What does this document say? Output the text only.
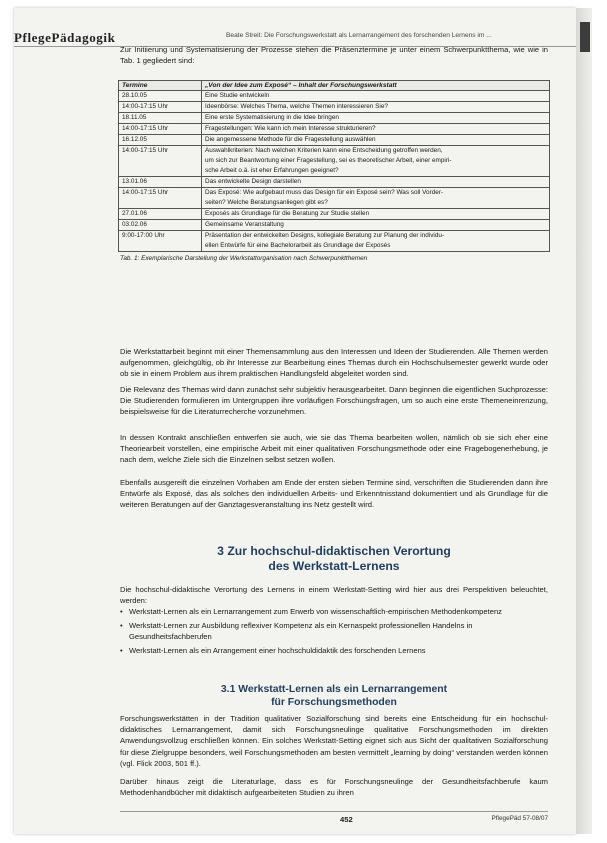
PflegePädagogik	Beate Streit: Die Forschungswerkstatt als Lernarrangement des forschenden Lernens im ...

Zur Initiierung und Systematisierung der Prozesse stehen die Präsenztermine je unter einem Schwerpunktthema, wie wie in Tab. 1 gegliedert sind:

Termine	„Von der Idee zum Exposé“ – Inhalt der Forschungswerkstatt
28.10.05	Eine Studie entwickeln

14:00-17:15 Uhr	Ideenbörse: Welches Thema, welche Themen interessieren Sie?

18.11.05	Eine erste Systematisierung in die Idee bringen

14:00-17:15 Uhr	Fragestellungen: Wie kann ich mein Interesse strukturieren?

16.12.05	Die angemessene Methode für die Fragestellung auswählen

14:00-17:15 Uhr	Auswahlkriterien: Nach welchen Kriterien kann eine Entscheidung getroffen werden,
um sich zur Beantwortung einer Fragestellung, sei es theoretischer Arbeit, einer empiri-
sche Arbeit o.ä. ist eher Erfahrungen geeignet?

13.01.06	Das entwickelte Design darstellen

14:00-17:15 Uhr	Das Exposé: Wie aufgebaut muss das Design für ein Exposé sein? Was soll Vorder-
seiten? Welche Beratungsanliegen gibt es?

27.01.06	Exposés als Grundlage für die Beratung zur Studie stellen

03.02.06	Gemeinsame Veranstaltung

9:00-17:00 Uhr	Präsentation der entwickelten Designs, kollegiale Beratung zur Planung der individu-
ellen Entwürfe für eine Bachelorarbeit als Grundlage der Exposés
Tab. 1: Exemplarische Darstellung der Werkstattorganisation nach Schwerpunktthemen

Die Werkstattarbeit beginnt mit einer Themensammlung aus den Interessen und Ideen der Studierenden. Alle Themen werden aufgenommen, gleichgültig, ob ihr Interesse zur Bearbeitung eines Themas durch ein Hochschulsemester gewerkt wurde oder ob sie in einem Problem aus ihrem praktischen Handlungsfeld abgeleitet worden sind.

Die Relevanz des Themas wird dann zunächst sehr subjektiv herausgearbeitet. Dann beginnen die eigentlichen Suchprozesse: Die Studierenden formulieren im Untergruppen ihre vorläufigen Forschungsfragen, um so auch eine erste Themeneinrenzung, beispielsweise für die Literaturrecherche vorzunehmen.

In dessen Kontrakt anschließen entwerfen sie auch, wie sie das Thema bearbeiten wollen, nämlich ob sie sich eher eine Theoriearbeit vorstellen, eine empirische Arbeit mit einer qualitativen Forschungsmethode oder eine Fragebogenerhebung, je nach dem, welche Ziele sich die Einzelnen selbst setzen wollen.

Ebenfalls ausgereift die einzelnen Vorhaben am Ende der ersten sieben Termine sind, verschriften die Studierenden dann ihre Entwürfe als Exposé, das als solches den individuellen Arbeits- und Erkenntnisstand dokumentiert und als Grundlage für die weiteren Beratungen auf der Ganztagesveranstaltung ins Netz gestellt wird.

3 Zur hochschul-didaktischen Verortung
des Werkstatt-Lernens

Die hochschul-didaktische Verortung des Lernens in einem Werkstatt-Setting wird hier aus drei Perspektiven beleuchtet, werden:

• Werkstatt-Lernen als ein Lernarrangement zum Erwerb von wissenschaftlich-empirischen Methodenkompetenz
• Werkstatt-Lernen zur Ausbildung reflexiver Kompetenz als ein Kernaspekt professionellen Handelns in Gesundheitsfachberufen
• Werkstatt-Lernen als ein Arrangement einer hochschuldidaktik des forschenden Lernens
3.1 Werkstatt-Lernen als ein Lernarrangement
für Forschungsmethoden

Forschungswerkstätten in der Tradition qualitativer Sozialforschung sind bereits eine Entscheidung für ein hochschul-didaktisches Lernarrangement, damit sich Forschungsneulinge qualitative Forschungsmethoden im direkten Anwendungsvollzug erschließen können. Ein solches Werkstatt-Setting eignet sich aus Sicht der qualitativen Sozialforschung für diese Zielgruppe besonders, weil Forschungsmethoden am besten vermittelt „learning by doing“ verstanden werden können (vgl. Flick 2003, 501 ff.).

Darüber hinaus zeigt die Literaturlage, dass es für Forschungsneulinge der Gesundheitsfachberufe kaum Methodenhandbücher mit didaktisch aufgearbeiteten Studien zu ihren

452	PflegePäd 57-08/07
